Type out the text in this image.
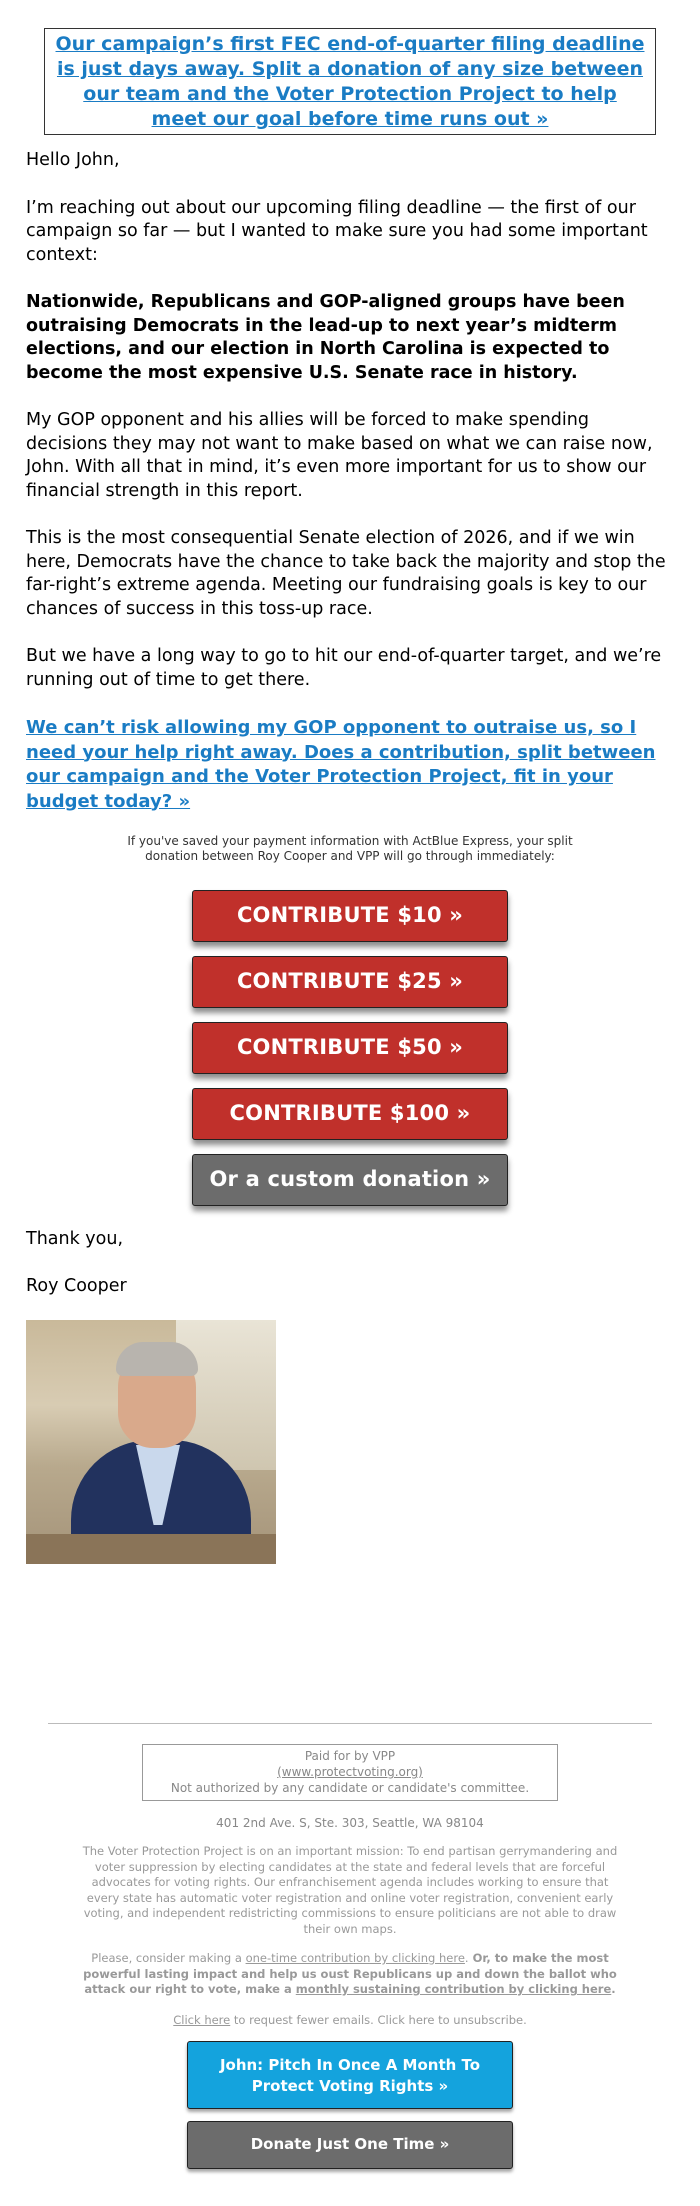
Our campaign’s first FEC end-of-quarter filing deadline is just days away. Split a donation of any size between our team and the Voter Protection Project to help meet our goal before time runs out »

Hello John,

I’m reaching out about our upcoming filing deadline — the first of our campaign so far — but I wanted to make sure you had some important context:

Nationwide, Republicans and GOP-aligned groups have been outraising Democrats in the lead-up to next year’s midterm elections, and our election in North Carolina is expected to become the most expensive U.S. Senate race in history.

My GOP opponent and his allies will be forced to make spending decisions they may not want to make based on what we can raise now, John. With all that in mind, it’s even more important for us to show our financial strength in this report.

This is the most consequential Senate election of 2026, and if we win here, Democrats have the chance to take back the majority and stop the far-right’s extreme agenda. Meeting our fundraising goals is key to our chances of success in this toss-up race.

But we have a long way to go to hit our end-of-quarter target, and we’re running out of time to get there.

We can’t risk allowing my GOP opponent to outraise us, so I need your help right away. Does a contribution, split between our campaign and the Voter Protection Project, fit in your budget today? »

If you've saved your payment information with ActBlue Express, your split donation between Roy Cooper and VPP will go through immediately:

CONTRIBUTE $10 »
CONTRIBUTE $25 »
CONTRIBUTE $50 »
CONTRIBUTE $100 »
Or a custom donation »

Thank you,

Roy Cooper

Paid for by VPP
(www.protectvoting.org)
Not authorized by any candidate or candidate's committee.
401 2nd Ave. S, Ste. 303, Seattle, WA 98104
The Voter Protection Project is on an important mission: To end partisan gerrymandering and voter suppression by electing candidates at the state and federal levels that are forceful advocates for voting rights. Our enfranchisement agenda includes working to ensure that every state has automatic voter registration and online voter registration, convenient early voting, and independent redistricting commissions to ensure politicians are not able to draw their own maps.
Please, consider making a one-time contribution by clicking here. Or, to make the most powerful lasting impact and help us oust Republicans up and down the ballot who attack our right to vote, make a monthly sustaining contribution by clicking here.
Click here to request fewer emails. Click here to unsubscribe.
John: Pitch In Once A Month To Protect Voting Rights »
Donate Just One Time »
